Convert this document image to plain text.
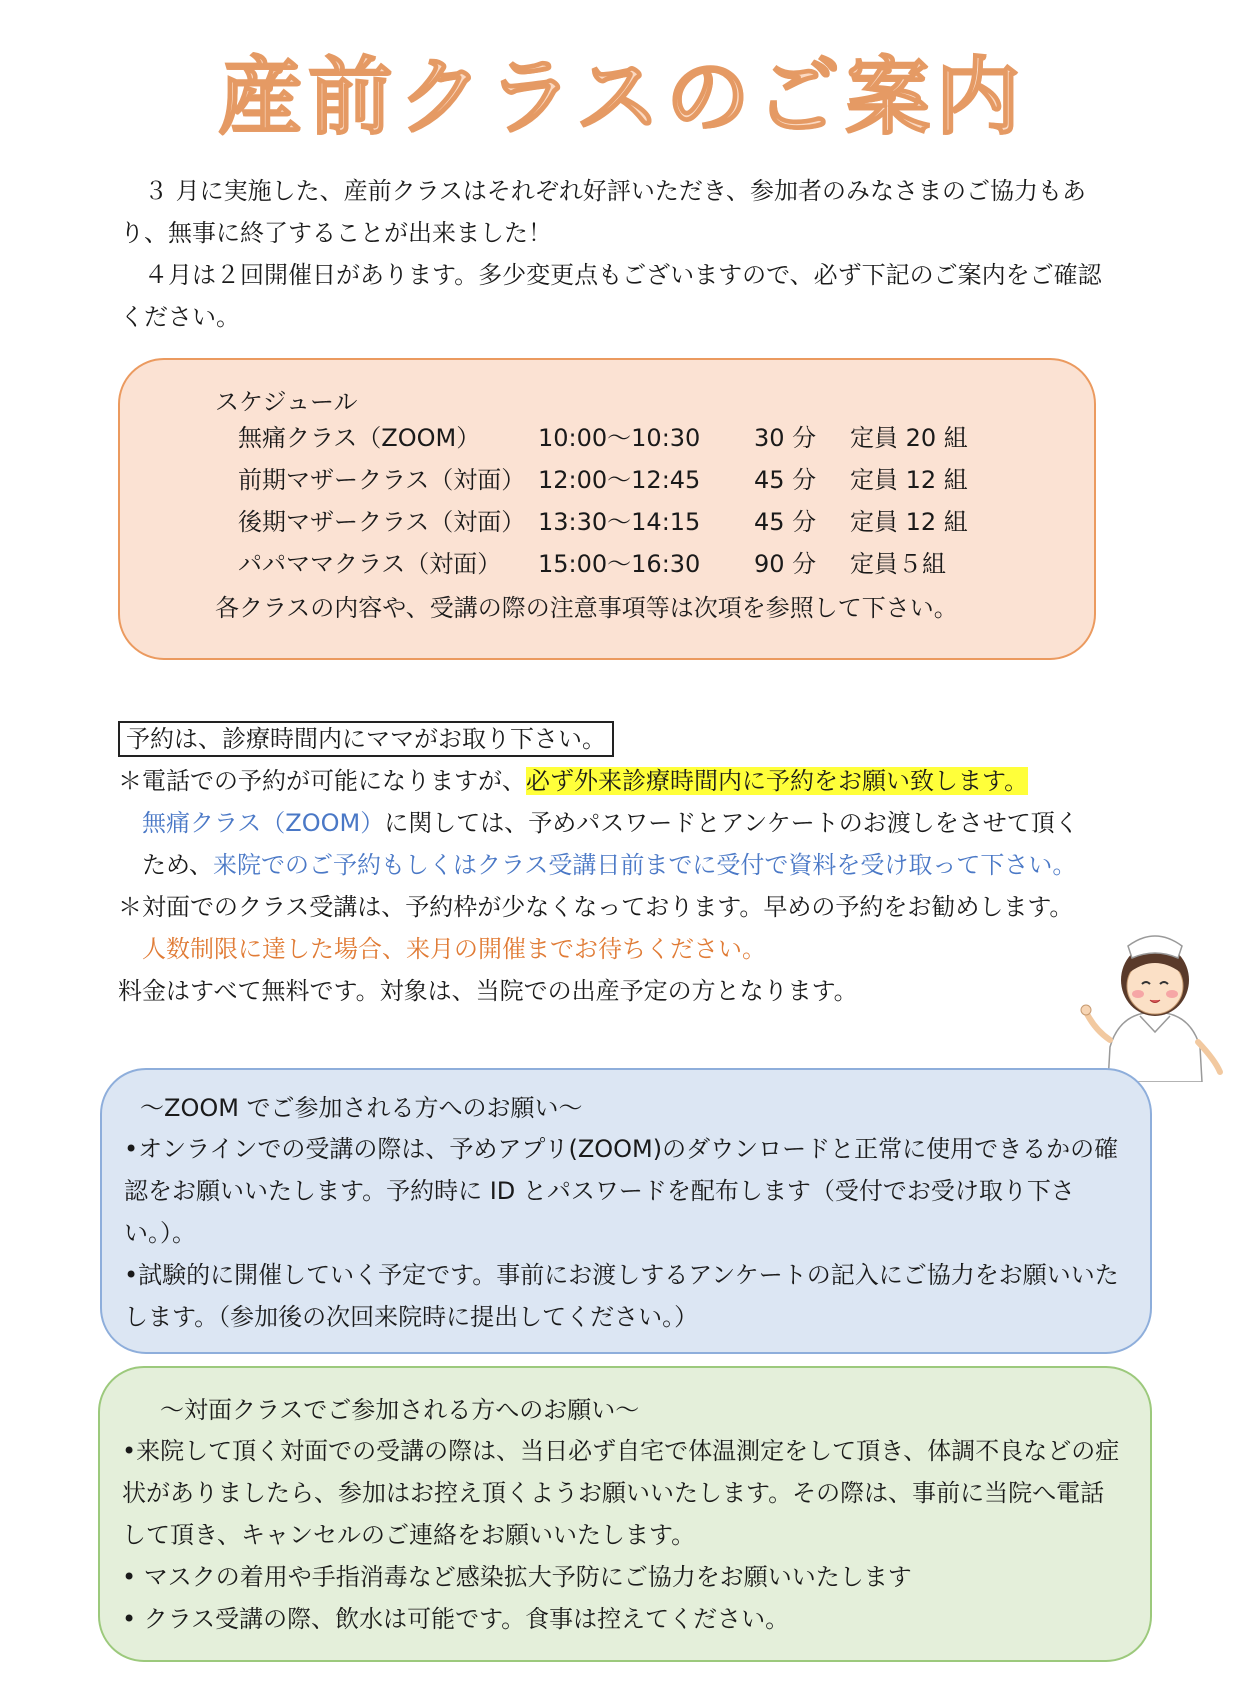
産前クラスのご案内

３ 月に実施した、産前クラスはそれぞれ好評いただき、参加者のみなさまのご協力もあり、無事に終了することが出来ました！

４月は２回開催日があります。多少変更点もございますので、必ず下記のご案内をご確認ください。

スケジュール
無痛クラス（ZOOM） 10:00〜10:30 30 分 定員 20 組
前期マザークラス（対面） 12:00〜12:45 45 分 定員 12 組
後期マザークラス（対面） 13:30〜14:15 45 分 定員 12 組
パパママクラス（対面） 15:00〜16:30 90 分 定員５組
各クラスの内容や、受講の際の注意事項等は次項を参照して下さい。

予約は、診療時間内にママがお取り下さい。

＊電話での予約が可能になりますが、必ず外来診療時間内に予約をお願い致します。

無痛クラス（ZOOM）に関しては、予めパスワードとアンケートのお渡しをさせて頂く

ため、来院でのご予約もしくはクラス受講日前までに受付で資料を受け取って下さい。

＊対面でのクラス受講は、予約枠が少なくなっております。早めの予約をお勧めします。

人数制限に達した場合、来月の開催までお待ちください。

料金はすべて無料です。対象は、当院での出産予定の方となります。

〜ZOOM でご参加される方へのお願い〜

•オンラインでの受講の際は、予めアプリ(ZOOM)のダウンロードと正常に使用できるかの確認をお願いいたします。予約時に ID とパスワードを配布します（受付でお受け取り下さい。）。

•試験的に開催していく予定です。事前にお渡しするアンケートの記入にご協力をお願いいたします。（参加後の次回来院時に提出してください。）

〜対面クラスでご参加される方へのお願い〜

•来院して頂く対面での受講の際は、当日必ず自宅で体温測定をして頂き、体調不良などの症状がありましたら、参加はお控え頂くようお願いいたします。その際は、事前に当院へ電話して頂き、キャンセルのご連絡をお願いいたします。

• マスクの着用や手指消毒など感染拡大予防にご協力をお願いいたします

• クラス受講の際、飲水は可能です。食事は控えてください。
